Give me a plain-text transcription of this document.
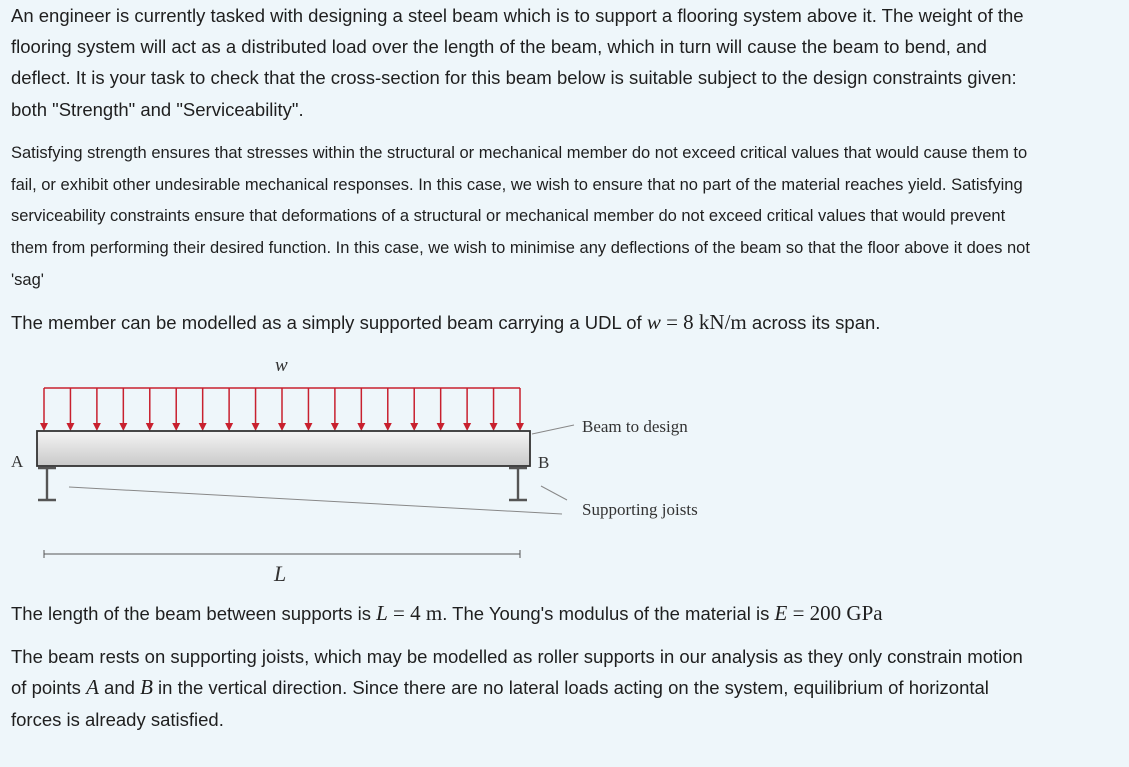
An engineer is currently tasked with designing a steel beam which is to support a flooring system above it. The weight of the

flooring system will act as a distributed load over the length of the beam, which in turn will cause the beam to bend, and

deflect. It is your task to check that the cross-section for this beam below is suitable subject to the design constraints given:

both "Strength" and "Serviceability".

Satisfying strength ensures that stresses within the structural or mechanical member do not exceed critical values that would cause them to

fail, or exhibit other undesirable mechanical responses. In this case, we wish to ensure that no part of the material reaches yield. Satisfying

serviceability constraints ensure that deformations of a structural or mechanical member do not exceed critical values that would prevent

them from performing their desired function. In this case, we wish to minimise any deflections of the beam so that the floor above it does not

'sag'

The member can be modelled as a simply supported beam carrying a UDL of w = 8 kN/m across its span.

w
A	B
Beam to design
Supporting joists
L

The length of the beam between supports is L = 4 m. The Young's modulus of the material is E = 200 GPa

The beam rests on supporting joists, which may be modelled as roller supports in our analysis as they only constrain motion

of points A and B in the vertical direction. Since there are no lateral loads acting on the system, equilibrium of horizontal

forces is already satisfied.
